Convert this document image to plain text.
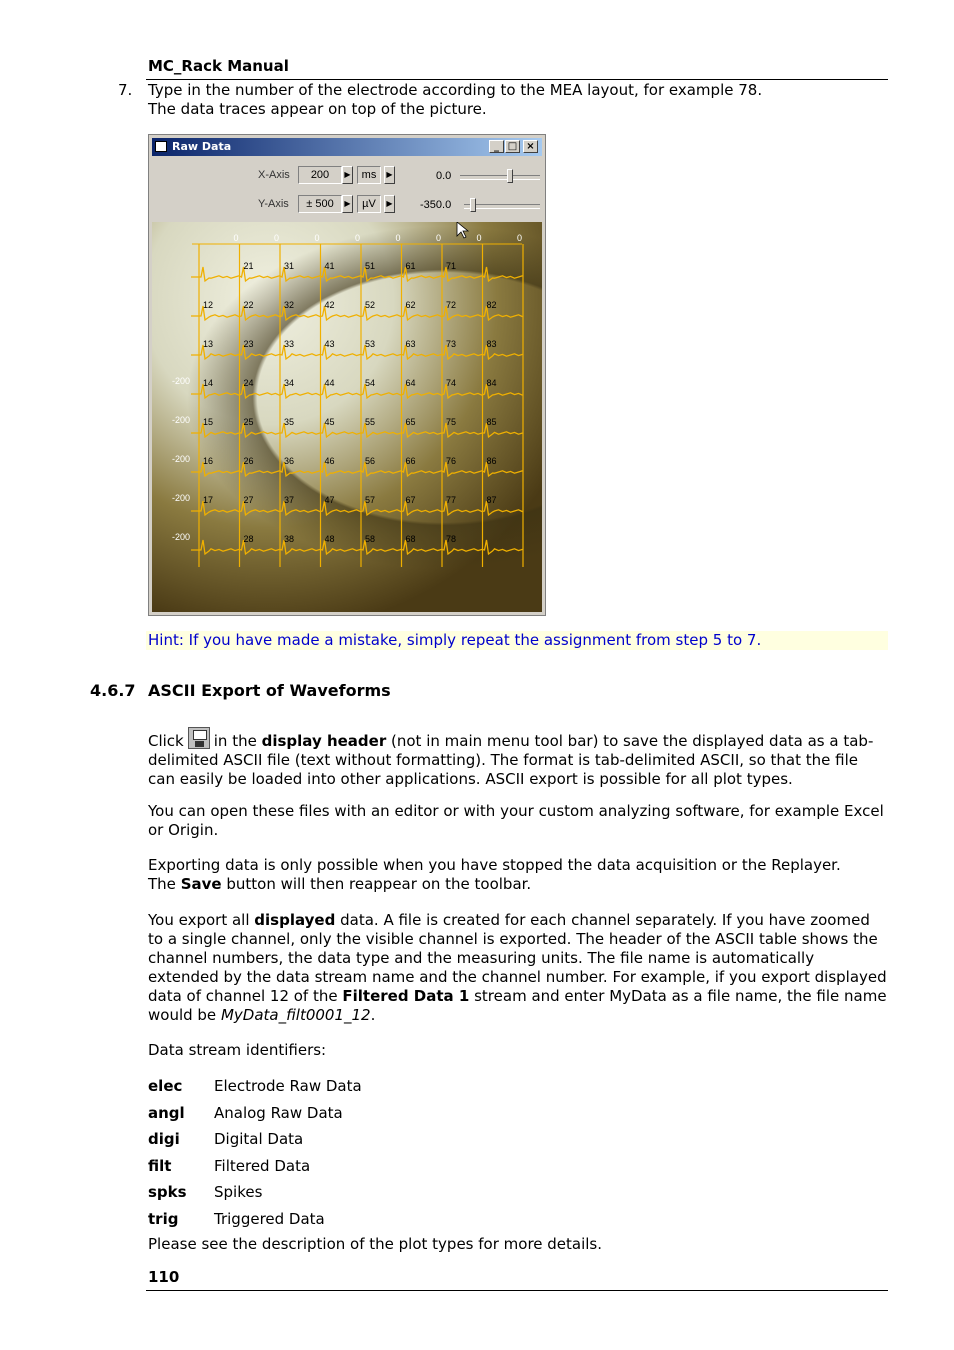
MC_Rack Manual
7. Type in the number of the electrode according to the MEA layout, for example 78.
The data traces appear on top of the picture.
Raw Data	_ □ ×
X-Axis	200	▶	ms	▶	0.0
Y-Axis	± 500	▶	µV	▶ -350.0
0	0	0	0	0	0	0	0
21	31	41	51	61	71
12	22	32	42	52	62	72	82
13	23	33	43	53	63	73	83
14	24	34	44	54	64	74	84
-200
15	25	35	45	55	65	75	85
-200
16	26	36	46	56	66	76	86
-200
17	27	37	47	57	67	77	87
-200
28	38	48	58	68	78
-200
Hint: If you have made a mistake, simply repeat the assignment from step 5 to 7.
4.6.7 ASCII Export of Waveforms
Click in the display header (not in main menu tool bar) to save the displayed data as a tab-delimited ASCII file (text without formatting). The format is tab-delimited ASCII, so that the file can easily be loaded into other applications. ASCII export is possible for all plot types.
You can open these files with an editor or with your custom analyzing software, for example Excel or Origin.
Exporting data is only possible when you have stopped the data acquisition or the Replayer.
The Save button will then reappear on the toolbar.
You export all displayed data. A file is created for each channel separately. If you have zoomed to a single channel, only the visible channel is exported. The header of the ASCII table shows the channel numbers, the data type and the measuring units. The file name is automatically extended by the data stream name and the channel number. For example, if you export displayed data of channel 12 of the Filtered Data 1 stream and enter MyData as a file name, the file name would be MyData_filt0001_12.
Data stream identifiers:
elec Electrode Raw Data
angl Analog Raw Data
digi Digital Data
filt	Filtered Data
spks Spikes
trig Triggered Data
Please see the description of the plot types for more details.
110
